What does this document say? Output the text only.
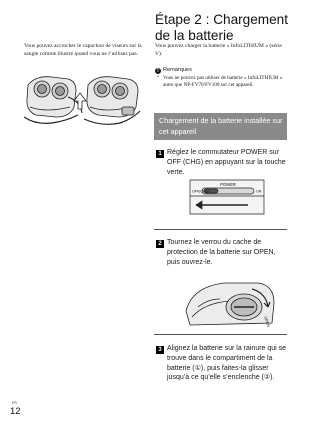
Vous pouvez accrocher le capuchon de viseurs sur la sangle comme illustré quand vous ne l’utilisez pas.
Étape 2 : Chargement de la batterie
Vous pouvez charger la batterie « InfoLITHIUM » (série V).
! Remarques
• Vous ne pouvez pas utiliser de batterie « InfoLITHIUM » autre que NP-FV70/FV100 sur cet appareil.
Chargement de la batterie installée sur cet appareil
1 Réglez le commutateur POWER sur OFF (CHG) en appuyant sur la touche verte.
POWER
OFF(CHG)	ON
2 Tournez le verrou du cache de protection de la batterie sur OPEN, puis ouvrez-le.
OPEN
3 Alignez la batterie sur la rainure qui se trouve dans le compartiment de la batterie (①), puis faites-la glisser jusqu’à ce qu’elle s’enclenche (②).
FR
12
